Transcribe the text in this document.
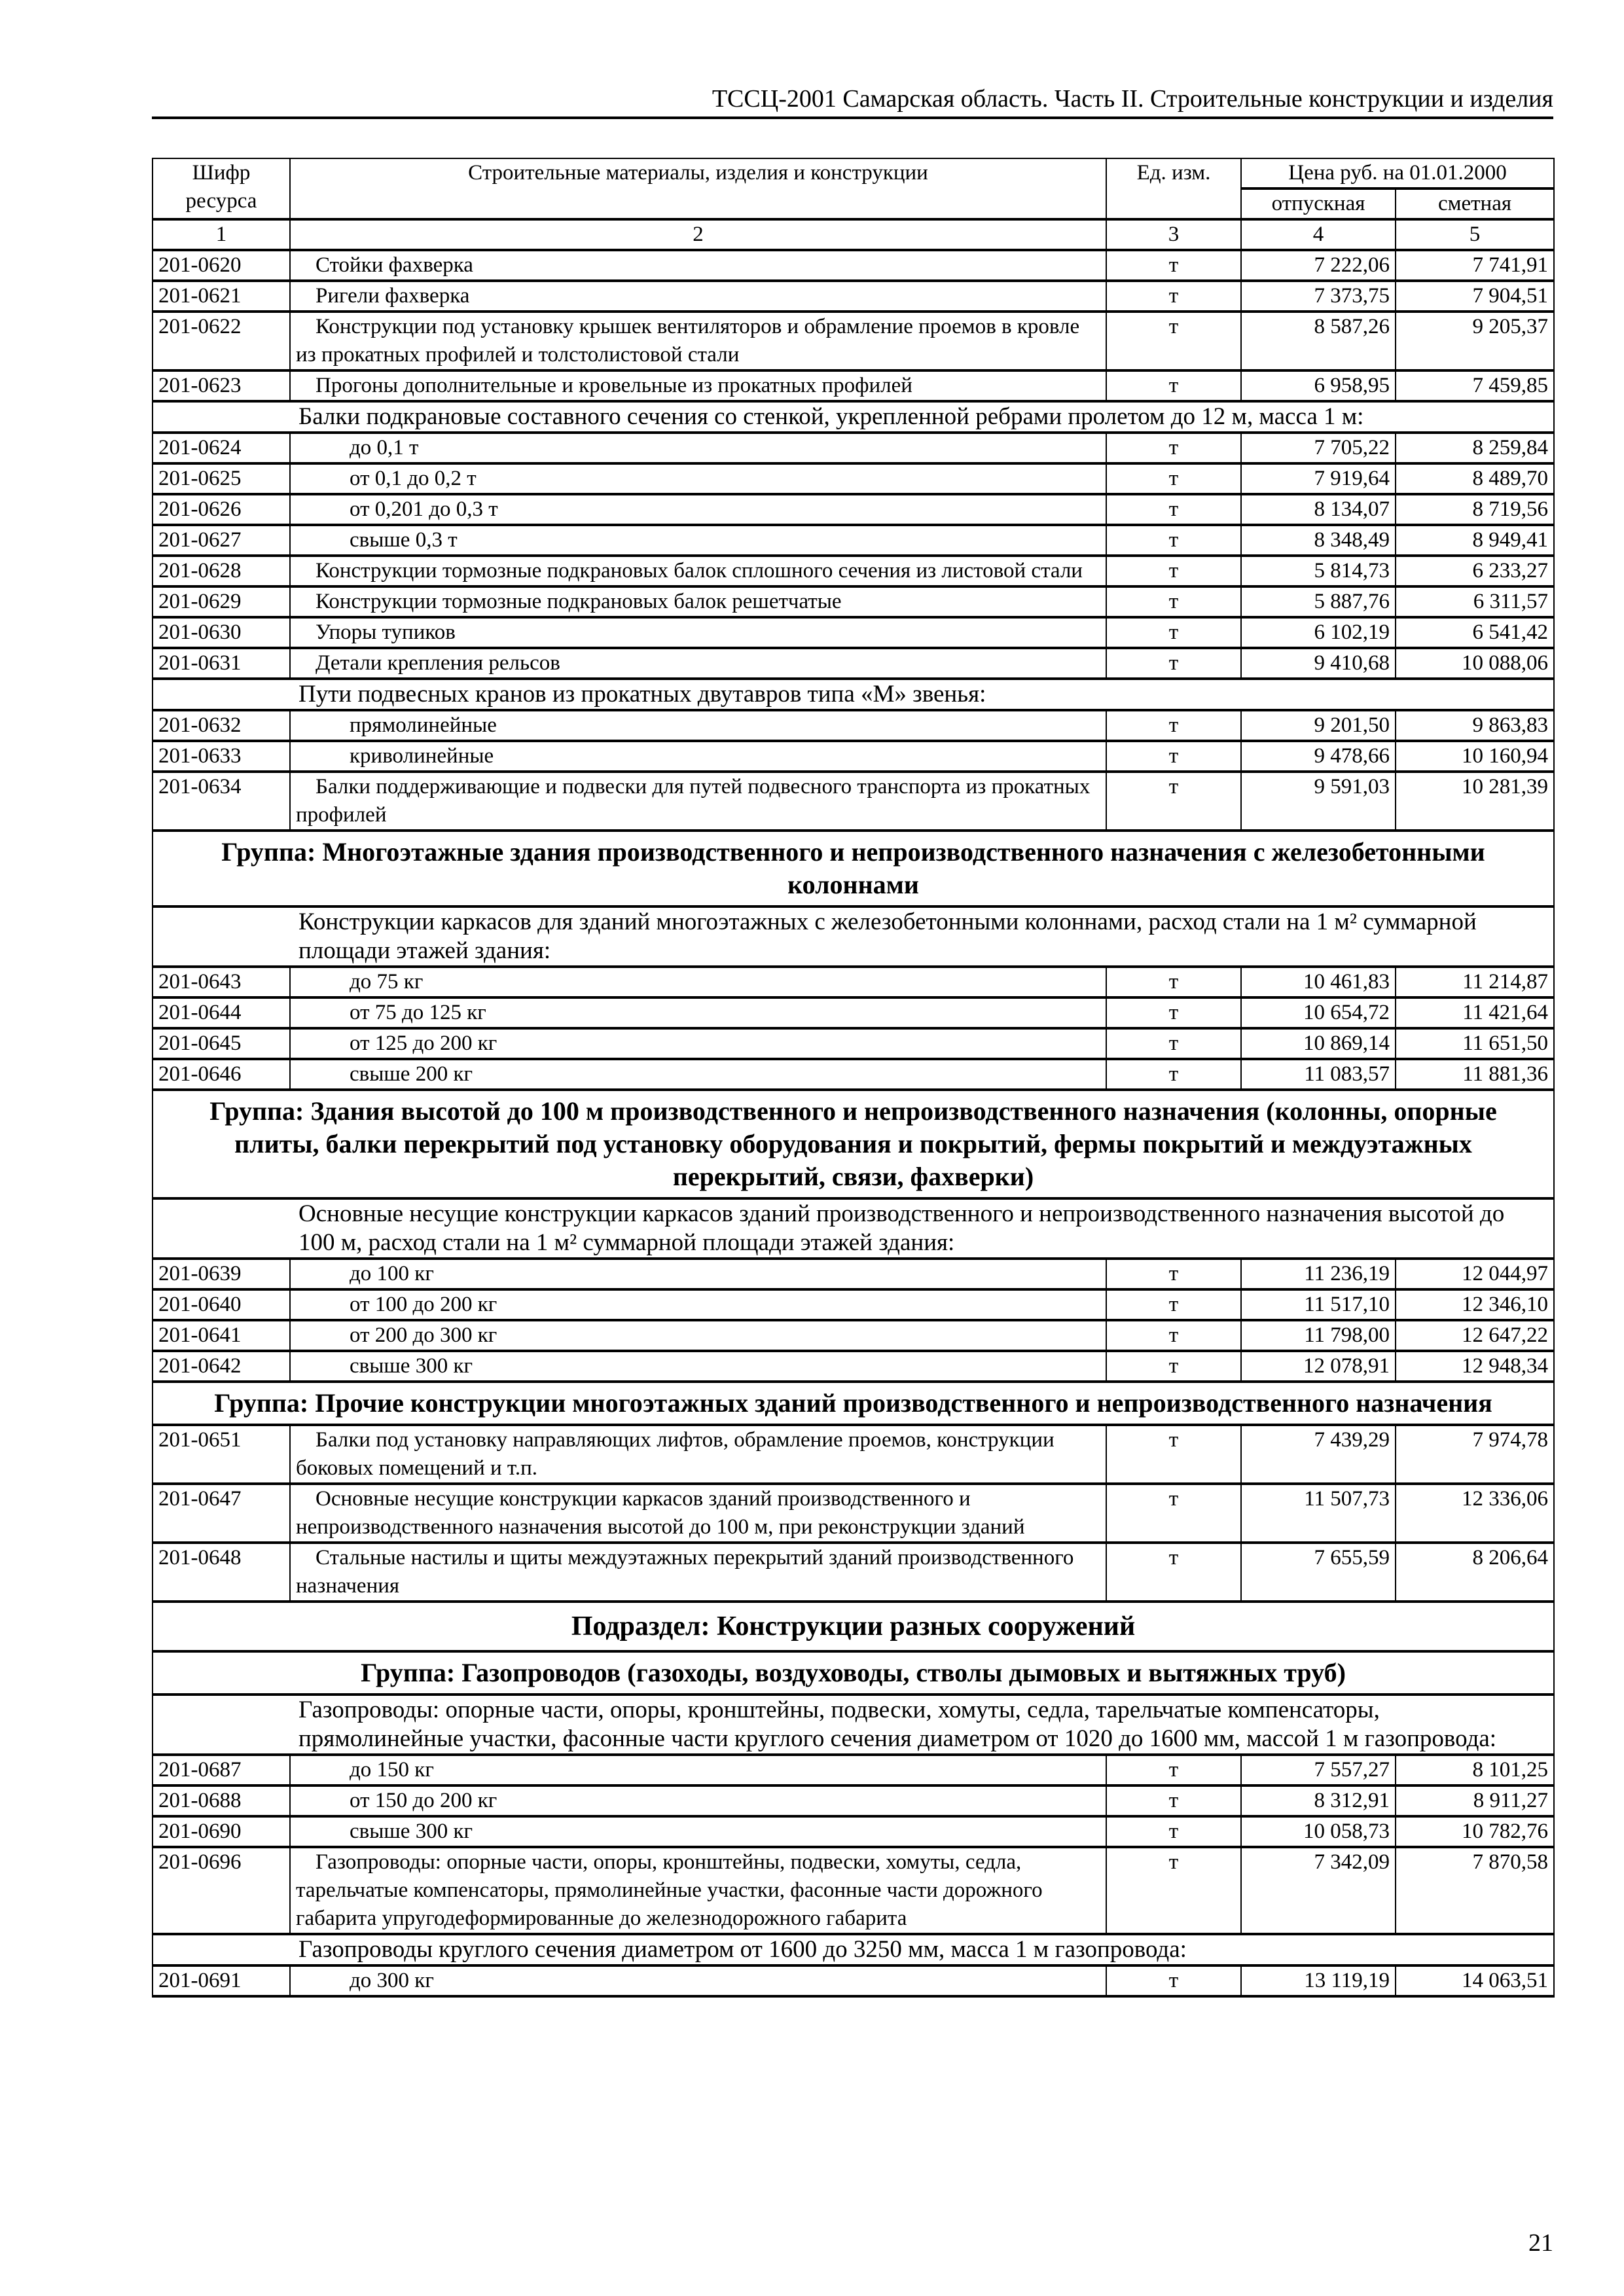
ТССЦ-2001 Самарская область. Часть II. Строительные конструкции и изделия
Шифр ресурса	Строительные материалы, изделия и конструкции	Ед. изм.	Цена руб. на 01.01.2000	
			отпускная	сметная
1	2	3	4	5
201-0620	Стойки фахверка	т	7 222,06	7 741,91
201-0621	Ригели фахверка	т	7 373,75	7 904,51
201-0622	Конструкции под установку крышек вентиляторов и обрамление проемов в кровле из прокатных профилей и толстолистовой стали	т	8 587,26	9 205,37
201-0623	Прогоны дополнительные и кровельные из прокатных профилей	т	6 958,95	7 459,85
Балки подкрановые составного сечения со стенкой, укрепленной ребрами пролетом до 12 м, масса 1 м:				
201-0624	до 0,1 т	т	7 705,22	8 259,84
201-0625	от 0,1 до 0,2 т	т	7 919,64	8 489,70
201-0626	от 0,201 до 0,3 т	т	8 134,07	8 719,56
201-0627	свыше 0,3 т	т	8 348,49	8 949,41
201-0628	Конструкции тормозные подкрановых балок сплошного сечения из листовой стали	т	5 814,73	6 233,27
201-0629	Конструкции тормозные подкрановых балок решетчатые	т	5 887,76	6 311,57
201-0630	Упоры тупиков	т	6 102,19	6 541,42
201-0631	Детали крепления рельсов	т	9 410,68	10 088,06
Пути подвесных кранов из прокатных двутавров типа «М» звенья:				
201-0632	прямолинейные	т	9 201,50	9 863,83
201-0633	криволинейные	т	9 478,66	10 160,94
201-0634	Балки поддерживающие и подвески для путей подвесного транспорта из прокатных профилей	т	9 591,03	10 281,39
Группа: Многоэтажные здания производственного и непроизводственного назначения с железобетонными колоннами				
Конструкции каркасов для зданий многоэтажных с железобетонными колоннами, расход стали на 1 м² суммарной площади этажей здания:				
201-0643	до 75 кг	т	10 461,83	11 214,87
201-0644	от 75 до 125 кг	т	10 654,72	11 421,64
201-0645	от 125 до 200 кг	т	10 869,14	11 651,50
201-0646	свыше 200 кг	т	11 083,57	11 881,36
Группа: Здания высотой до 100 м производственного и непроизводственного назначения (колонны, опорные плиты, балки перекрытий под установку оборудования и покрытий, фермы покрытий и междуэтажных перекрытий, связи, фахверки)				
Основные несущие конструкции каркасов зданий производственного и непроизводственного назначения высотой до 100 м, расход стали на 1 м² суммарной площади этажей здания:				
201-0639	до 100 кг	т	11 236,19	12 044,97
201-0640	от 100 до 200 кг	т	11 517,10	12 346,10
201-0641	от 200 до 300 кг	т	11 798,00	12 647,22
201-0642	свыше 300 кг	т	12 078,91	12 948,34
Группа: Прочие конструкции многоэтажных зданий производственного и непроизводственного назначения				
201-0651	Балки под установку направляющих лифтов, обрамление проемов, конструкции боковых помещений и т.п.	т	7 439,29	7 974,78
201-0647	Основные несущие конструкции каркасов зданий производственного и непроизводственного назначения высотой до 100 м, при реконструкции зданий	т	11 507,73	12 336,06
201-0648	Стальные настилы и щиты междуэтажных перекрытий зданий производственного назначения	т	7 655,59	8 206,64
Подраздел: Конструкции разных сооружений				
Группа: Газопроводов (газоходы, воздуховоды, стволы дымовых и вытяжных труб)				
Газопроводы: опорные части, опоры, кронштейны, подвески, хомуты, седла, тарельчатые компенсаторы, прямолинейные участки, фасонные части круглого сечения диаметром от 1020 до 1600 мм, массой 1 м газопровода:				
201-0687	до 150 кг	т	7 557,27	8 101,25
201-0688	от 150 до 200 кг	т	8 312,91	8 911,27
201-0690	свыше 300 кг	т	10 058,73	10 782,76
201-0696	Газопроводы: опорные части, опоры, кронштейны, подвески, хомуты, седла, тарельчатые компенсаторы, прямолинейные участки, фасонные части дорожного габарита упругодеформированные до железнодорожного габарита	т	7 342,09	7 870,58
Газопроводы круглого сечения диаметром от 1600 до 3250 мм, масса 1 м газопровода:				
201-0691	до 300 кг	т	13 119,19	14 063,51
21
